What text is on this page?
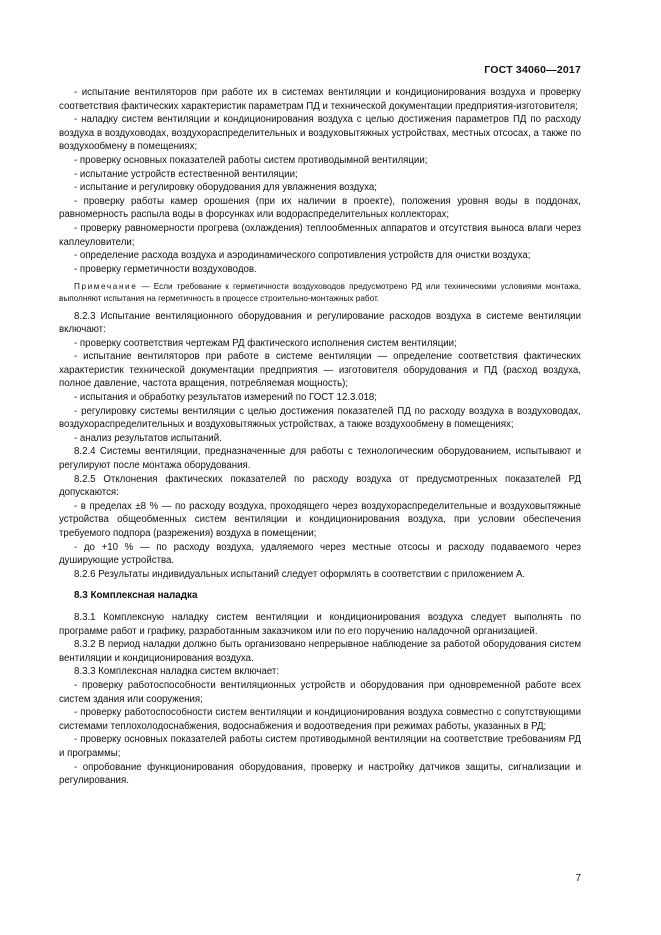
ГОСТ 34060—2017

- испытание вентиляторов при работе их в системах вентиляции и кондиционирования воздуха и проверку соответствия фактических характеристик параметрам ПД и технической документации предприятия-изготовителя;

- наладку систем вентиляции и кондиционирования воздуха с целью достижения параметров ПД по расходу воздуха в воздуховодах, воздухораспределительных и воздуховытяжных устройствах, местных отсосах, а также по воздухообмену в помещениях;

- проверку основных показателей работы систем противодымной вентиляции;

- испытание устройств естественной вентиляции;

- испытание и регулировку оборудования для увлажнения воздуха;

- проверку работы камер орошения (при их наличии в проекте), положения уровня воды в поддонах, равномерность распыла воды в форсунках или водораспределительных коллекторах;

- проверку равномерности прогрева (охлаждения) теплообменных аппаратов и отсутствия выноса влаги через каплеуловители;

- определение расхода воздуха и аэродинамического сопротивления устройств для очистки воздуха;

- проверку герметичности воздуховодов.

Примечание — Если требование к герметичности воздуховодов предусмотрено РД или техническими условиями монтажа, выполняют испытания на герметичность в процессе строительно-монтажных работ.

8.2.3 Испытание вентиляционного оборудования и регулирование расходов воздуха в системе вентиляции включают:

- проверку соответствия чертежам РД фактического исполнения систем вентиляции;

- испытание вентиляторов при работе в системе вентиляции — определение соответствия фактических характеристик технической документации предприятия — изготовителя оборудования и ПД (расход воздуха, полное давление, частота вращения, потребляемая мощность);

- испытания и обработку результатов измерений по ГОСТ 12.3.018;

- регулировку системы вентиляции с целью достижения показателей ПД по расходу воздуха в воздуховодах, воздухораспределительных и воздуховытяжных устройствах, а также воздухообмену в помещениях;

- анализ результатов испытаний.

8.2.4 Системы вентиляции, предназначенные для работы с технологическим оборудованием, испытывают и регулируют после монтажа оборудования.

8.2.5 Отклонения фактических показателей по расходу воздуха от предусмотренных показателей РД допускаются:

- в пределах ±8 % — по расходу воздуха, проходящего через воздухораспределительные и воздуховытяжные устройства общеобменных систем вентиляции и кондиционирования воздуха, при условии обеспечения требуемого подпора (разрежения) воздуха в помещении;

- до +10 % — по расходу воздуха, удаляемого через местные отсосы и расходу подаваемого через душирующие устройства.

8.2.6 Результаты индивидуальных испытаний следует оформлять в соответствии с приложением А.

8.3 Комплексная наладка

8.3.1 Комплексную наладку систем вентиляции и кондиционирования воздуха следует выполнять по программе работ и графику, разработанным заказчиком или по его поручению наладочной организацией.

8.3.2 В период наладки должно быть организовано непрерывное наблюдение за работой оборудования систем вентиляции и кондиционирования воздуха.

8.3.3 Комплексная наладка систем включает:

- проверку работоспособности вентиляционных устройств и оборудования при одновременной работе всех систем здания или сооружения;

- проверку работоспособности систем вентиляции и кондиционирования воздуха совместно с сопутствующими системами теплохолодоснабжения, водоснабжения и водоотведения при режимах работы, указанных в РД;

- проверку основных показателей работы систем противодымной вентиляции на соответствие требованиям РД и программы;

- опробование функционирования оборудования, проверку и настройку датчиков защиты, сигнализации и регулирования.

7
